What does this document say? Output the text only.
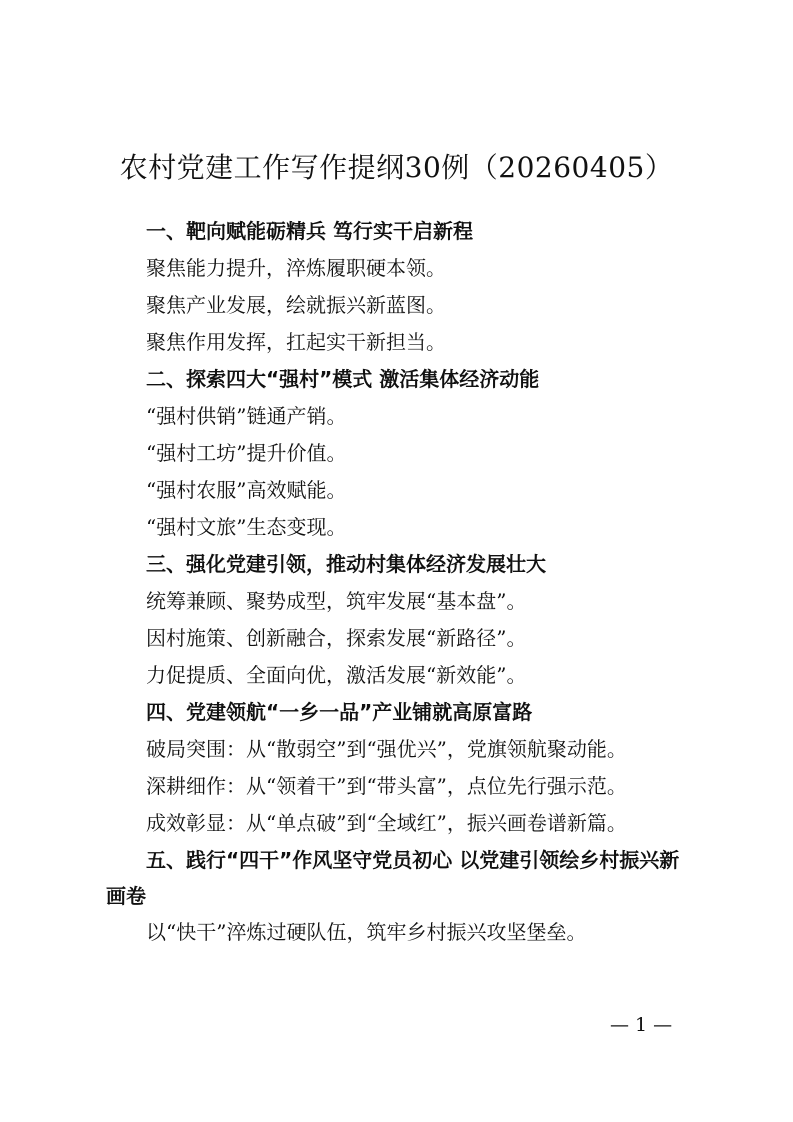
农村党建工作写作提纲30例（20260405）
一、靶向赋能砺精兵 笃行实干启新程
聚焦能力提升，淬炼履职硬本领。
聚焦产业发展，绘就振兴新蓝图。
聚焦作用发挥，扛起实干新担当。
二、探索四大“强村”模式 激活集体经济动能
“强村供销”链通产销。
“强村工坊”提升价值。
“强村农服”高效赋能。
“强村文旅”生态变现。
三、强化党建引领，推动村集体经济发展壮大
统筹兼顾、聚势成型，筑牢发展“基本盘”。
因村施策、创新融合，探索发展“新路径”。
力促提质、全面向优，激活发展“新效能”。
四、党建领航“一乡一品”产业铺就高原富路
破局突围：从“散弱空”到“强优兴”，党旗领航聚动能。
深耕细作：从“领着干”到“带头富”，点位先行强示范。
成效彰显：从“单点破”到“全域红”，振兴画卷谱新篇。
五、践行“四干”作风坚守党员初心 以党建引领绘乡村振兴新画卷
以“快干”淬炼过硬队伍，筑牢乡村振兴攻坚堡垒。
— 1 —
